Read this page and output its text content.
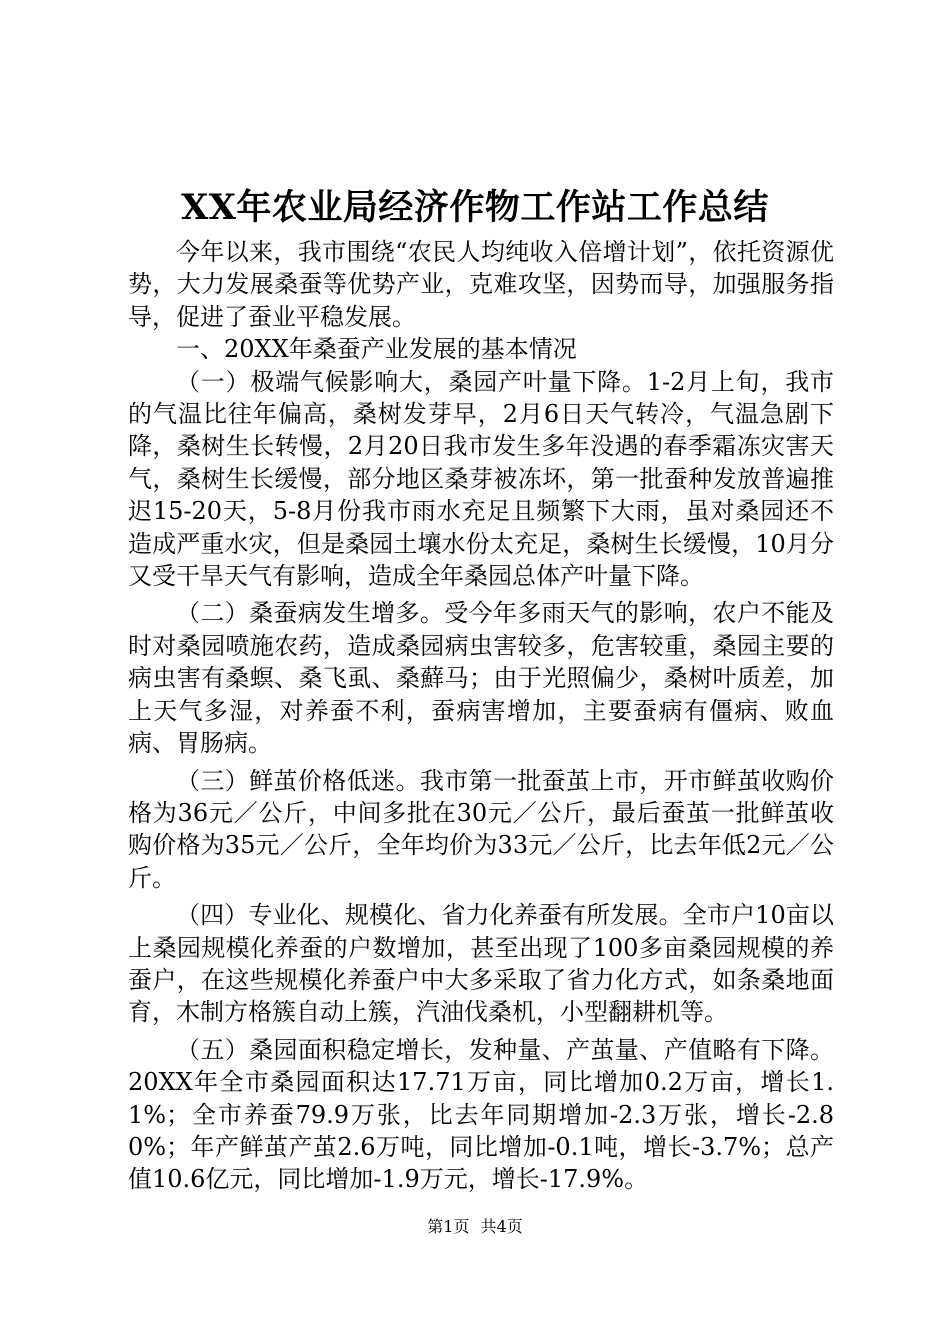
XX年农业局经济作物工作站工作总结

今年以来，我市围绕“农民人均纯收入倍增计划”，依托资源优势，大力发展桑蚕等优势产业，克难攻坚，因势而导，加强服务指导，促进了蚕业平稳发展。

一、20XX年桑蚕产业发展的基本情况

（一）极端气候影响大，桑园产叶量下降。1-2月上旬，我市的气温比往年偏高，桑树发芽早，2月6日天气转冷，气温急剧下降，桑树生长转慢，2月20日我市发生多年没遇的春季霜冻灾害天气，桑树生长缓慢，部分地区桑芽被冻坏，第一批蚕种发放普遍推迟15-20天，5-8月份我市雨水充足且频繁下大雨，虽对桑园还不造成严重水灾，但是桑园土壤水份太充足，桑树生长缓慢，10月分又受干旱天气有影响，造成全年桑园总体产叶量下降。

（二）桑蚕病发生增多。受今年多雨天气的影响，农户不能及时对桑园喷施农药，造成桑园病虫害较多，危害较重，桑园主要的病虫害有桑螟、桑飞虱、桑蘚马；由于光照偏少，桑树叶质差，加上天气多湿，对养蚕不利，蚕病害增加，主要蚕病有僵病、败血病、胃肠病。

（三）鲜茧价格低迷。我市第一批蚕茧上市，开市鲜茧收购价格为36元／公斤，中间多批在30元／公斤，最后蚕茧一批鲜茧收购价格为35元／公斤，全年均价为33元／公斤，比去年低2元／公斤。

（四）专业化、规模化、省力化养蚕有所发展。全市户10亩以上桑园规模化养蚕的户数增加，甚至出现了100多亩桑园规模的养蚕户，在这些规模化养蚕户中大多采取了省力化方式，如条桑地面育，木制方格簇自动上簇，汽油伐桑机，小型翻耕机等。

（五）桑园面积稳定增长，发种量、产茧量、产值略有下降。20XX年全市桑园面积达17.71万亩，同比增加0.2万亩，增长1.1%；全市养蚕79.9万张，比去年同期增加-2.3万张，增长-2.80%；年产鲜茧产茧2.6万吨，同比增加-0.1吨，增长-3.7%；总产值10.6亿元，同比增加-1.9万元，增长-17.9%。

第1页 共4页
